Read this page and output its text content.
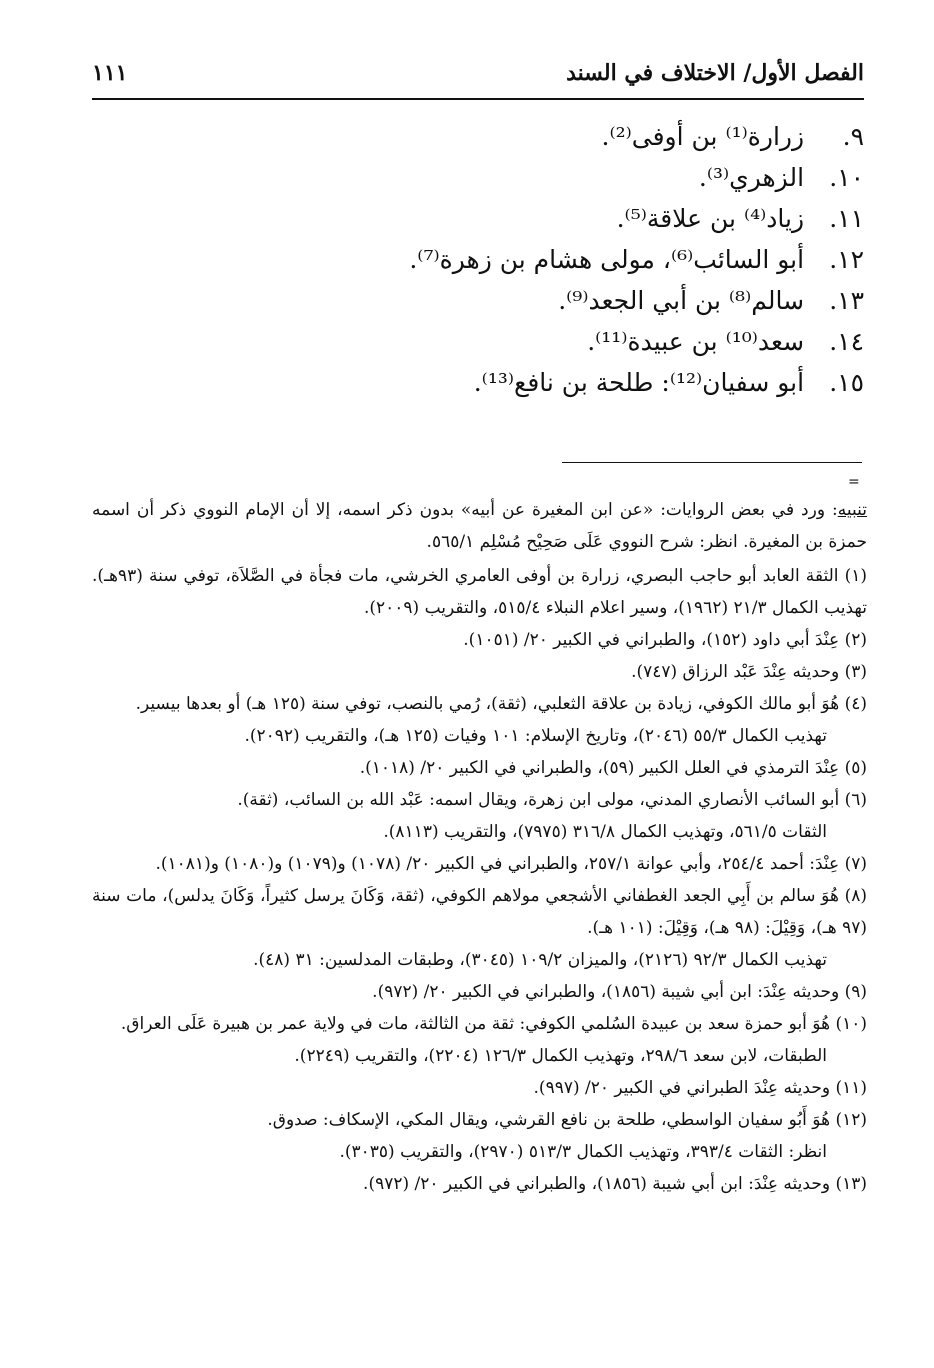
الفصل الأول/ الاختلاف في السند
١١١
٩. زرارة⁽¹⁾ بن أوفى⁽²⁾.
١٠. الزهري⁽³⁾.
١١. زياد⁽⁴⁾ بن علاقة⁽⁵⁾.
١٢. أبو السائب⁽⁶⁾، مولى هشام بن زهرة⁽⁷⁾.
١٣. سالم⁽⁸⁾ بن أبي الجعد⁽⁹⁾.
١٤. سعد⁽¹⁰⁾ بن عبيدة⁽¹¹⁾.
١٥. أبو سفيان⁽¹²⁾: طلحة بن نافع⁽¹³⁾.
=
تنبيه: ورد في بعض الروايات: «عن ابن المغيرة عن أبيه» بدون ذكر اسمه، إلا أن الإمام النووي ذكر أن اسمه حمزة بن المغيرة. انظر: شرح النووي عَلَى صَحِيْح مُسْلِم ٥٦٥/١.
(١) الثقة العابد أبو حاجب البصري، زرارة بن أوفى العامري الخرشي، مات فجأة في الصَّلاَة، توفي سنة (٩٣هـ). تهذيب الكمال ٢١/٣ (١٩٦٢)، وسير اعلام النبلاء ٥١٥/٤، والتقريب (٢٠٠٩).
(٢) عِنْدَ أبي داود (١٥٢)، والطبراني في الكبير ٢٠/ (١٠٥١).
(٣) وحديثه عِنْدَ عَبْد الرزاق (٧٤٧).
(٤) هُوَ أبو مالك الكوفي، زيادة بن علاقة الثعلبي، (ثقة)، رُمي بالنصب، توفي سنة (١٢٥ هـ) أو بعدها بيسير.
تهذيب الكمال ٥٥/٣ (٢٠٤٦)، وتاريخ الإسلام: ١٠١ وفيات (١٢٥ هـ)، والتقريب (٢٠٩٢).
(٥) عِنْدَ الترمذي في العلل الكبير (٥٩)، والطبراني في الكبير ٢٠/ (١٠١٨).
(٦) أبو السائب الأنصاري المدني، مولى ابن زهرة، ويقال اسمه: عَبْد الله بن السائب، (ثقة).
الثقات ٥٦١/٥، وتهذيب الكمال ٣١٦/٨ (٧٩٧٥)، والتقريب (٨١١٣).
(٧) عِنْدَ: أحمد ٢٥٤/٤، وأبي عوانة ٢٥٧/١، والطبراني في الكبير ٢٠/ (١٠٧٨) و(١٠٧٩) و(١٠٨٠) و(١٠٨١).
(٨) هُوَ سالم بن أَبِي الجعد الغطفاني الأشجعي مولاهم الكوفي، (ثقة، وَكَانَ يرسل كثيراً، وَكَانَ يدلس)، مات سنة (٩٧ هـ)، وَقِيْلَ: (٩٨ هـ)، وَقِيْلَ: (١٠١ هـ).
تهذيب الكمال ٩٢/٣ (٢١٢٦)، والميزان ١٠٩/٢ (٣٠٤٥)، وطبقات المدلسين: ٣١ (٤٨).
(٩) وحديثه عِنْدَ: ابن أبي شيبة (١٨٥٦)، والطبراني في الكبير ٢٠/ (٩٧٢).
(١٠) هُوَ أبو حمزة سعد بن عبيدة السُلمي الكوفي: ثقة من الثالثة، مات في ولاية عمر بن هبيرة عَلَى العراق.
الطبقات، لابن سعد ٢٩٨/٦، وتهذيب الكمال ١٢٦/٣ (٢٢٠٤)، والتقريب (٢٢٤٩).
(١١) وحديثه عِنْدَ الطبراني في الكبير ٢٠/ (٩٩٧).
(١٢) هُوَ أَبُو سفيان الواسطي، طلحة بن نافع القرشي، ويقال المكي، الإسكاف: صدوق.
انظر: الثقات ٣٩٣/٤، وتهذيب الكمال ٥١٣/٣ (٢٩٧٠)، والتقريب (٣٠٣٥).
(١٣) وحديثه عِنْدَ: ابن أبي شيبة (١٨٥٦)، والطبراني في الكبير ٢٠/ (٩٧٢).
